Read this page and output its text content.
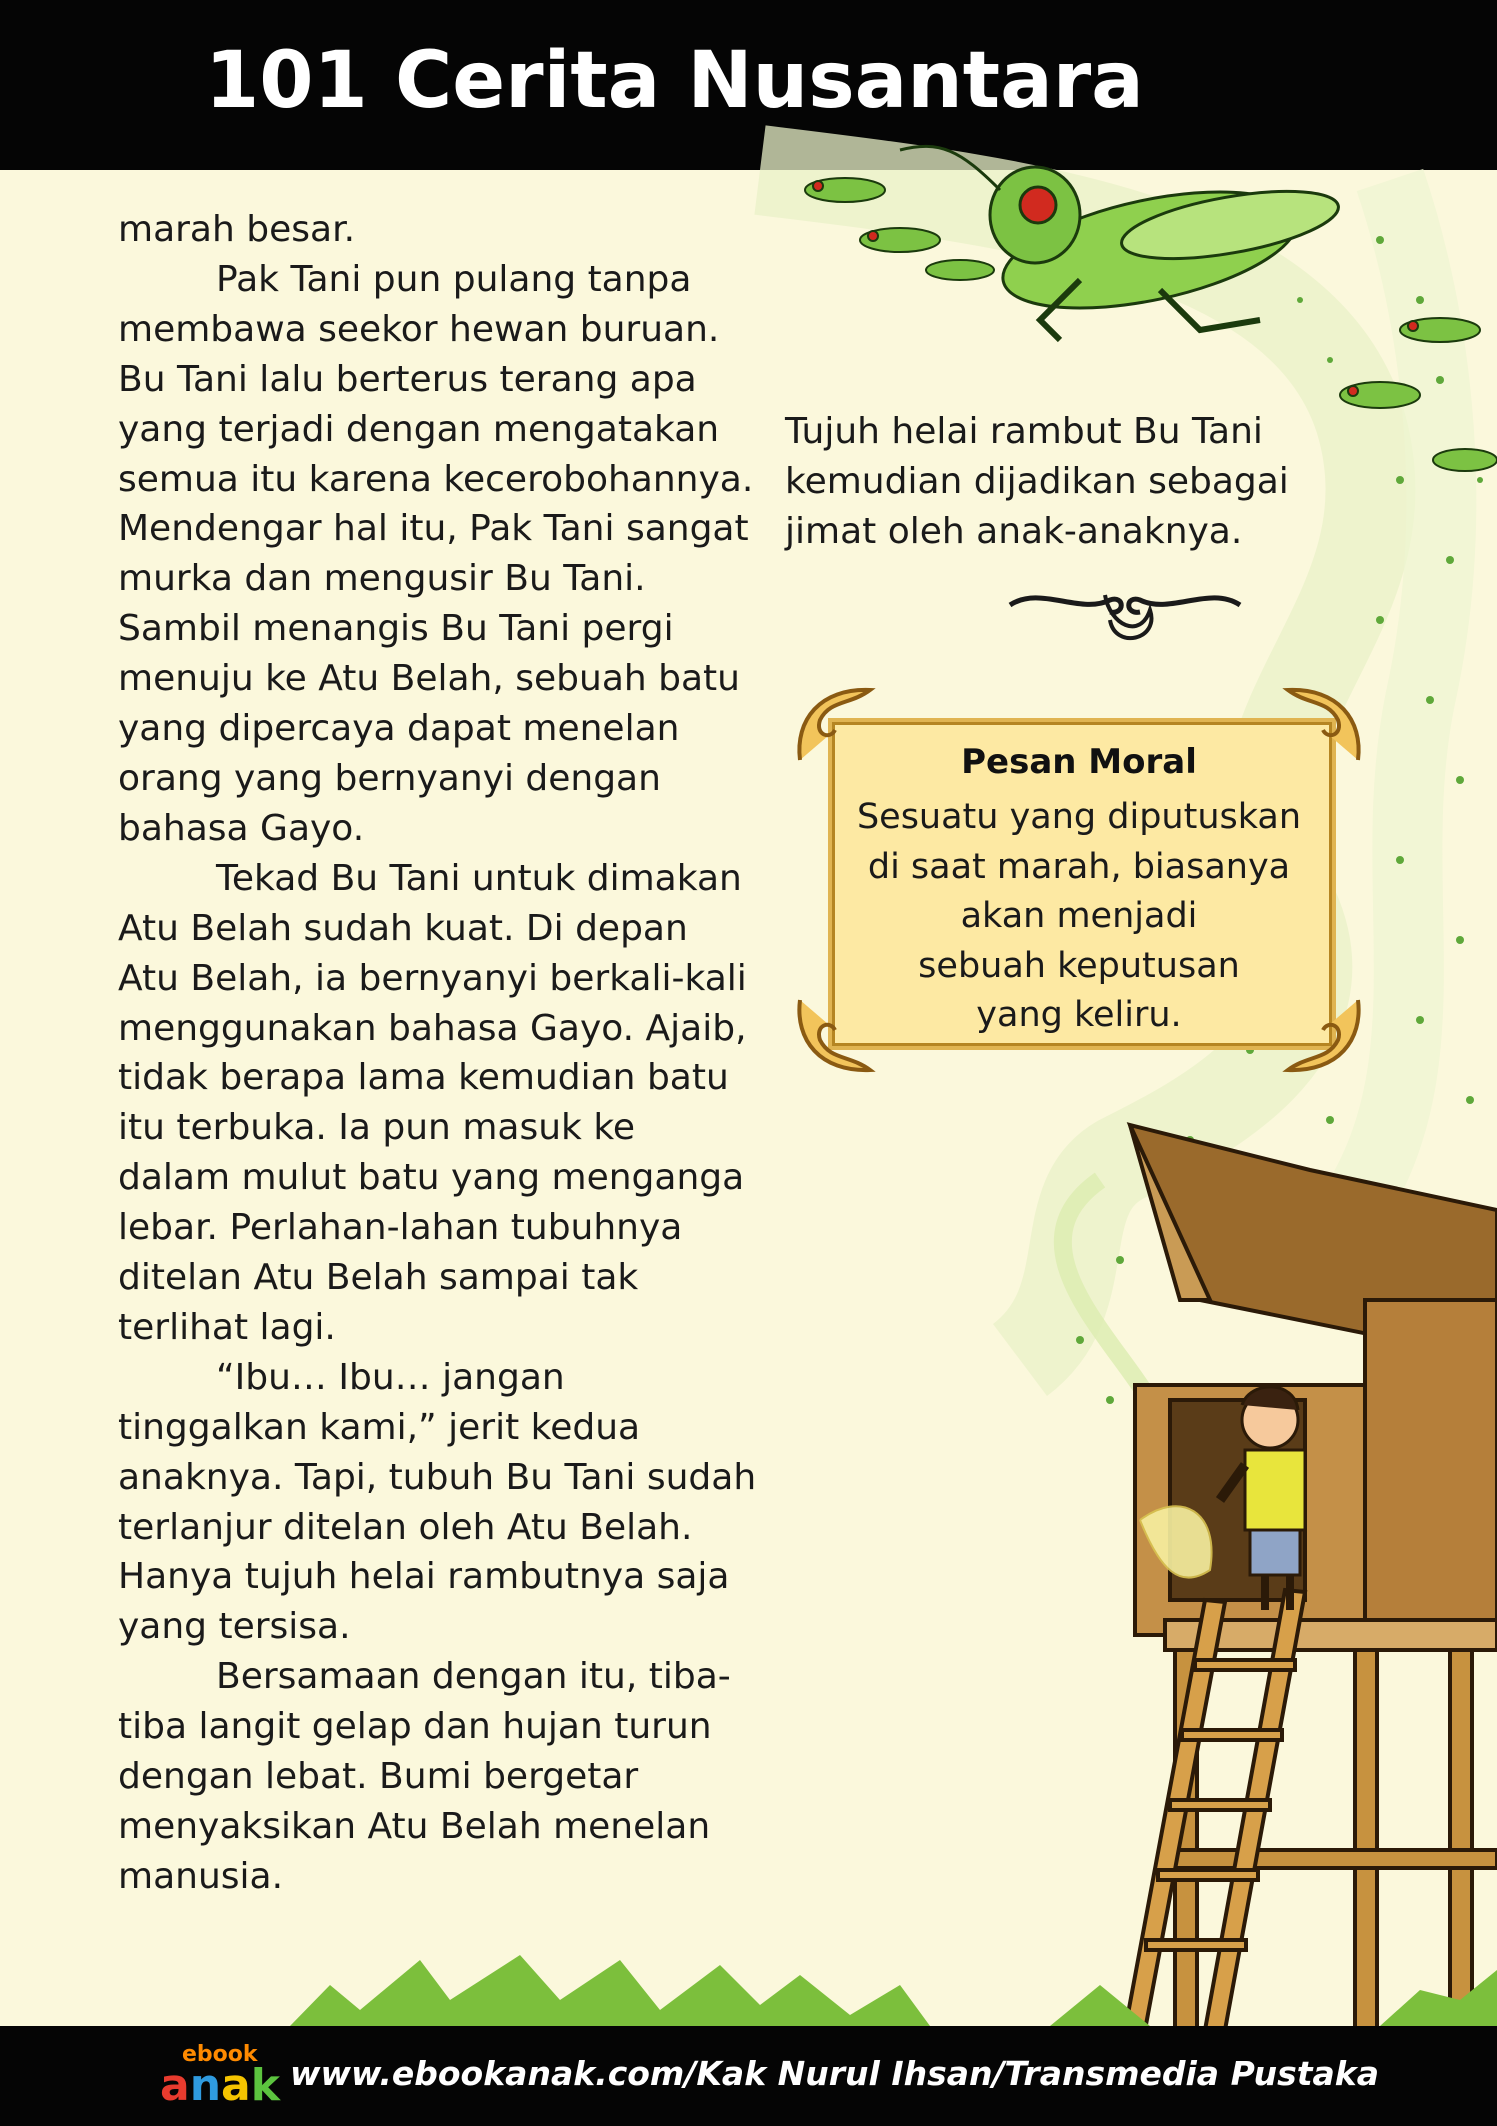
101 Cerita Nusantara

marah besar.

Pak Tani pun pulang tanpa membawa seekor hewan buruan. Bu Tani lalu berterus terang apa yang terjadi dengan mengatakan semua itu karena kecerobohannya. Mendengar hal itu, Pak Tani sangat murka dan mengusir Bu Tani. Sambil menangis Bu Tani pergi menuju ke Atu Belah, sebuah batu yang dipercaya dapat menelan orang yang bernyanyi dengan bahasa Gayo.

Tekad Bu Tani untuk dimakan Atu Belah sudah kuat. Di depan Atu Belah, ia bernyanyi berkali-kali menggunakan bahasa Gayo. Ajaib, tidak berapa lama kemudian batu itu terbuka. Ia pun masuk ke dalam mulut batu yang menganga lebar. Perlahan-lahan tubuhnya ditelan Atu Belah sampai tak terlihat lagi.

“Ibu… Ibu… jangan tinggalkan kami,” jerit kedua anaknya. Tapi, tubuh Bu Tani sudah terlanjur ditelan oleh Atu Belah. Hanya tujuh helai rambutnya saja yang tersisa.

Bersamaan dengan itu, tiba-tiba langit gelap dan hujan turun dengan lebat. Bumi bergetar menyaksikan Atu Belah menelan manusia.

Tujuh helai rambut Bu Tani kemudian dijadikan sebagai jimat oleh anak-anaknya.
Pesan Moral
Sesuatu yang diputuskan
di saat marah, biasanya
akan menjadi
sebuah keputusan
yang keliru.
ebook
anak www.ebookanak.com/Kak Nurul Ihsan/Transmedia Pustaka
